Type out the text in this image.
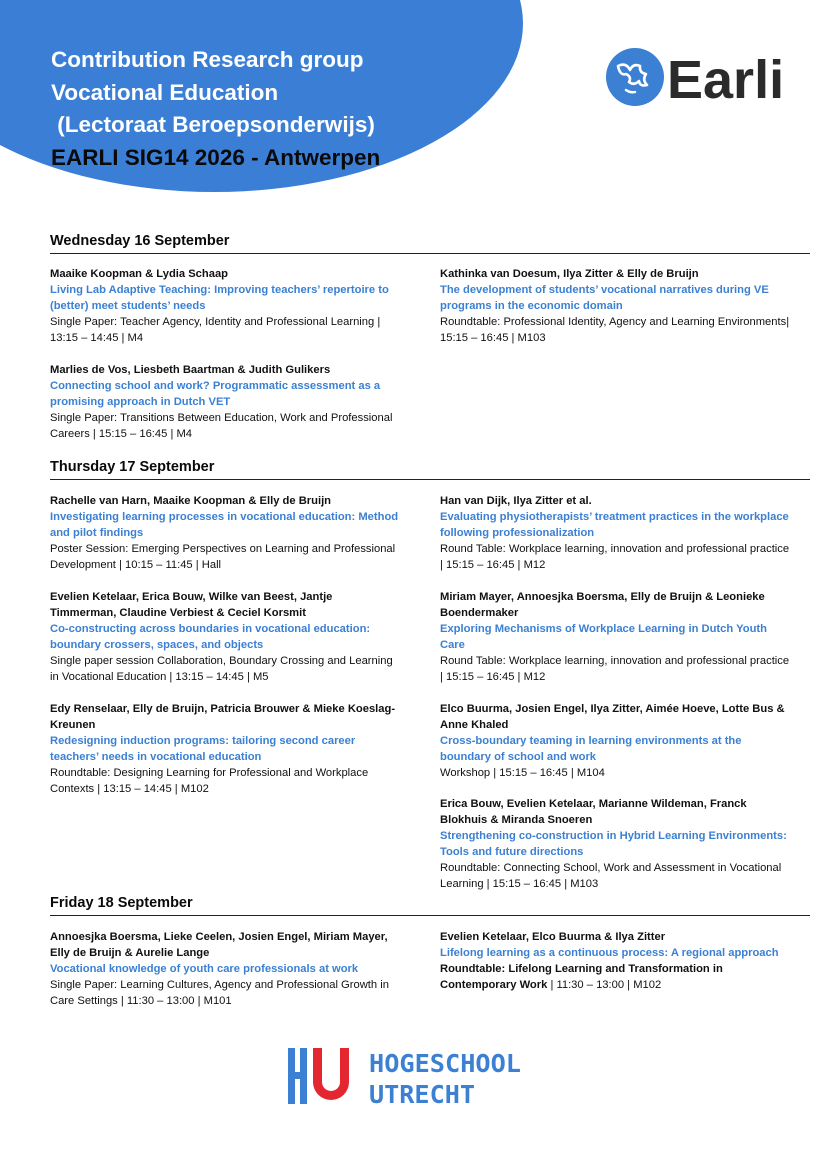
Contribution Research group
Vocational Education
(Lectoraat Beroepsonderwijs)
EARLI SIG14 2026 - Antwerpen
Earli
Wednesday 16 September
Maaike Koopman & Lydia Schaap
Living Lab Adaptive Teaching: Improving teachers’ repertoire to (better) meet students’ needs
Single Paper: Teacher Agency, Identity and Professional Learning | 13:15 – 14:45 | M4
Marlies de Vos, Liesbeth Baartman & Judith Gulikers
Connecting school and work? Programmatic assessment as a promising approach in Dutch VET
Single Paper: Transitions Between Education, Work and Professional Careers | 15:15 – 16:45 | M4
Kathinka van Doesum, Ilya Zitter & Elly de Bruijn
The development of students’ vocational narratives during VE programs in the economic domain
Roundtable: Professional Identity, Agency and Learning Environments| 15:15 – 16:45 | M103
Thursday 17 September
Rachelle van Harn, Maaike Koopman & Elly de Bruijn
Investigating learning processes in vocational education: Method and pilot findings
Poster Session: Emerging Perspectives on Learning and Professional Development | 10:15 – 11:45 | Hall
Evelien Ketelaar, Erica Bouw, Wilke van Beest, Jantje Timmerman, Claudine Verbiest & Ceciel Korsmit
Co-constructing across boundaries in vocational education: boundary crossers, spaces, and objects
Single paper session Collaboration, Boundary Crossing and Learning in Vocational Education | 13:15 – 14:45 | M5
Edy Renselaar, Elly de Bruijn, Patricia Brouwer & Mieke Koeslag-Kreunen
Redesigning induction programs: tailoring second career teachers’ needs in vocational education
Roundtable: Designing Learning for Professional and Workplace Contexts | 13:15 – 14:45 | M102
Han van Dijk, Ilya Zitter et al.
Evaluating physiotherapists’ treatment practices in the workplace following professionalization
Round Table: Workplace learning, innovation and professional practice | 15:15 – 16:45 | M12
Miriam Mayer, Annoesjka Boersma, Elly de Bruijn & Leonieke Boendermaker
Exploring Mechanisms of Workplace Learning in Dutch Youth Care
Round Table: Workplace learning, innovation and professional practice | 15:15 – 16:45 | M12
Elco Buurma, Josien Engel, Ilya Zitter, Aimée Hoeve, Lotte Bus & Anne Khaled
Cross-boundary teaming in learning environments at the boundary of school and work
Workshop | 15:15 – 16:45 | M104
Erica Bouw, Evelien Ketelaar, Marianne Wildeman, Franck Blokhuis & Miranda Snoeren
Strengthening co-construction in Hybrid Learning Environments: Tools and future directions
Roundtable: Connecting School, Work and Assessment in Vocational Learning | 15:15 – 16:45 | M103
Friday 18 September
Annoesjka Boersma, Lieke Ceelen, Josien Engel, Miriam Mayer, Elly de Bruijn & Aurelie Lange
Vocational knowledge of youth care professionals at work
Single Paper: Learning Cultures, Agency and Professional Growth in Care Settings | 11:30 – 13:00 | M101
Evelien Ketelaar, Elco Buurma & Ilya Zitter
Lifelong learning as a continuous process: A regional approach
Roundtable: Lifelong Learning and Transformation in Contemporary Work | 11:30 – 13:00 | M102
HOGESCHOOL
UTRECHT
